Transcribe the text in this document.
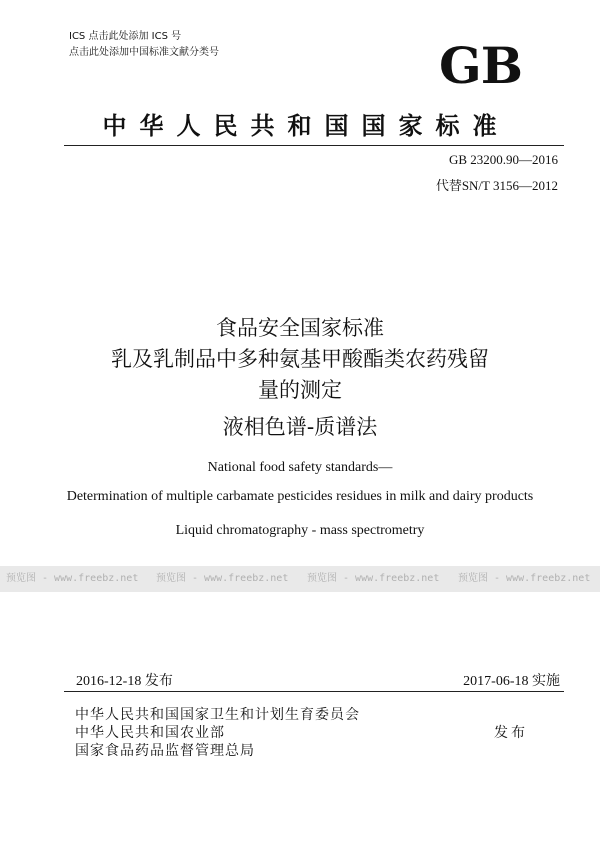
ICS 点击此处添加 ICS 号
点击此处添加中国标准文献分类号	GB
中华人民共和国国家标准
GB 23200.90—2016
代替SN/T 3156—2012
食品安全国家标准
乳及乳制品中多种氨基甲酸酯类农药残留
量的测定
液相色谱-质谱法
National food safety standards—
Determination of multiple carbamate pesticides residues in milk and dairy products
Liquid chromatography - mass spectrometry
预览图 - www.freebz.net 预览图 - www.freebz.net 预览图 - www.freebz.net 预览图 - www.freebz.net
2016-12-18 发布	2017-06-18 实施
中华人民共和国国家卫生和计划生育委员会
中华人民共和国农业部
国家食品药品监督管理总局
发布
